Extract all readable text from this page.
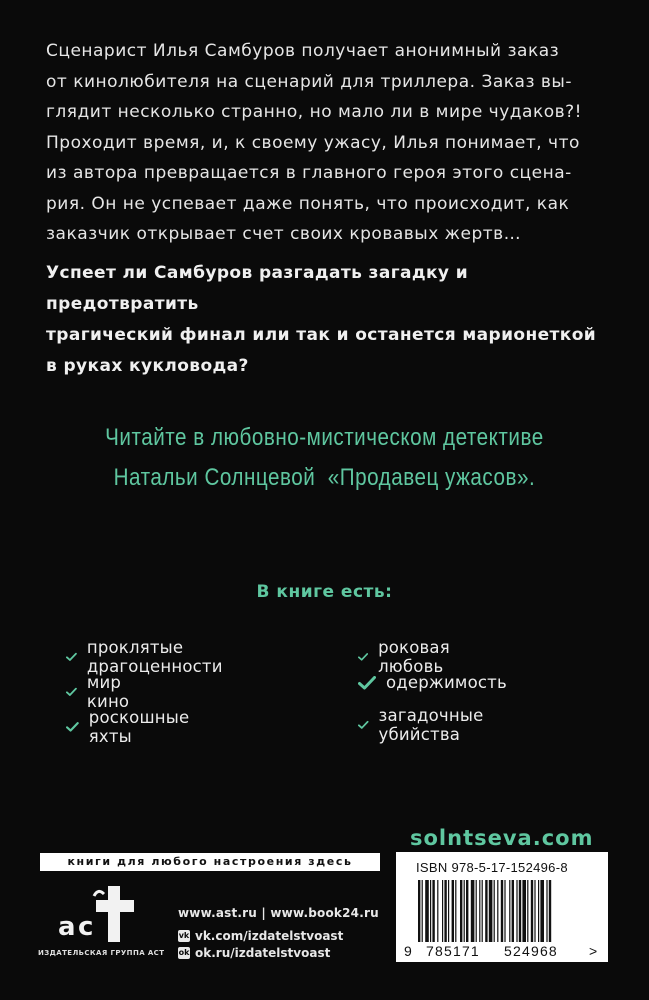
Сценарист Илья Самбуров получает анонимный заказ

от кинолюбителя на сценарий для триллера. Заказ вы-

глядит несколько странно, но мало ли в мире чудаков?!

Проходит время, и, к своему ужасу, Илья понимает, что

из автора превращается в главного героя этого сцена-

рия. Он не успевает даже понять, что происходит, как

заказчик открывает счет своих кровавых жертв…

Успеет ли Самбуров разгадать загадку и предотвратить
трагический финал или так и останется марионеткой
в руках кукловода?
Читайте в любовно-мистическом детективе
Натальи Солнцевой  «Продавец ужасов».
В книге есть:
проклятые драгоценности
роковая любовь
мир кино
одержимость
роскошные яхты
загадочные убийства
solntseva.com
книги для любого настроения здесь
a c
ИЗДАТЕЛЬСКАЯ ГРУППА АСТ
www.ast.ru | www.book24.ru
vk vk.com/izdatelstvoast
ok ok.ru/izdatelstvoast
ISBN 978-5-17-152496-8
9 785171 524968 >
